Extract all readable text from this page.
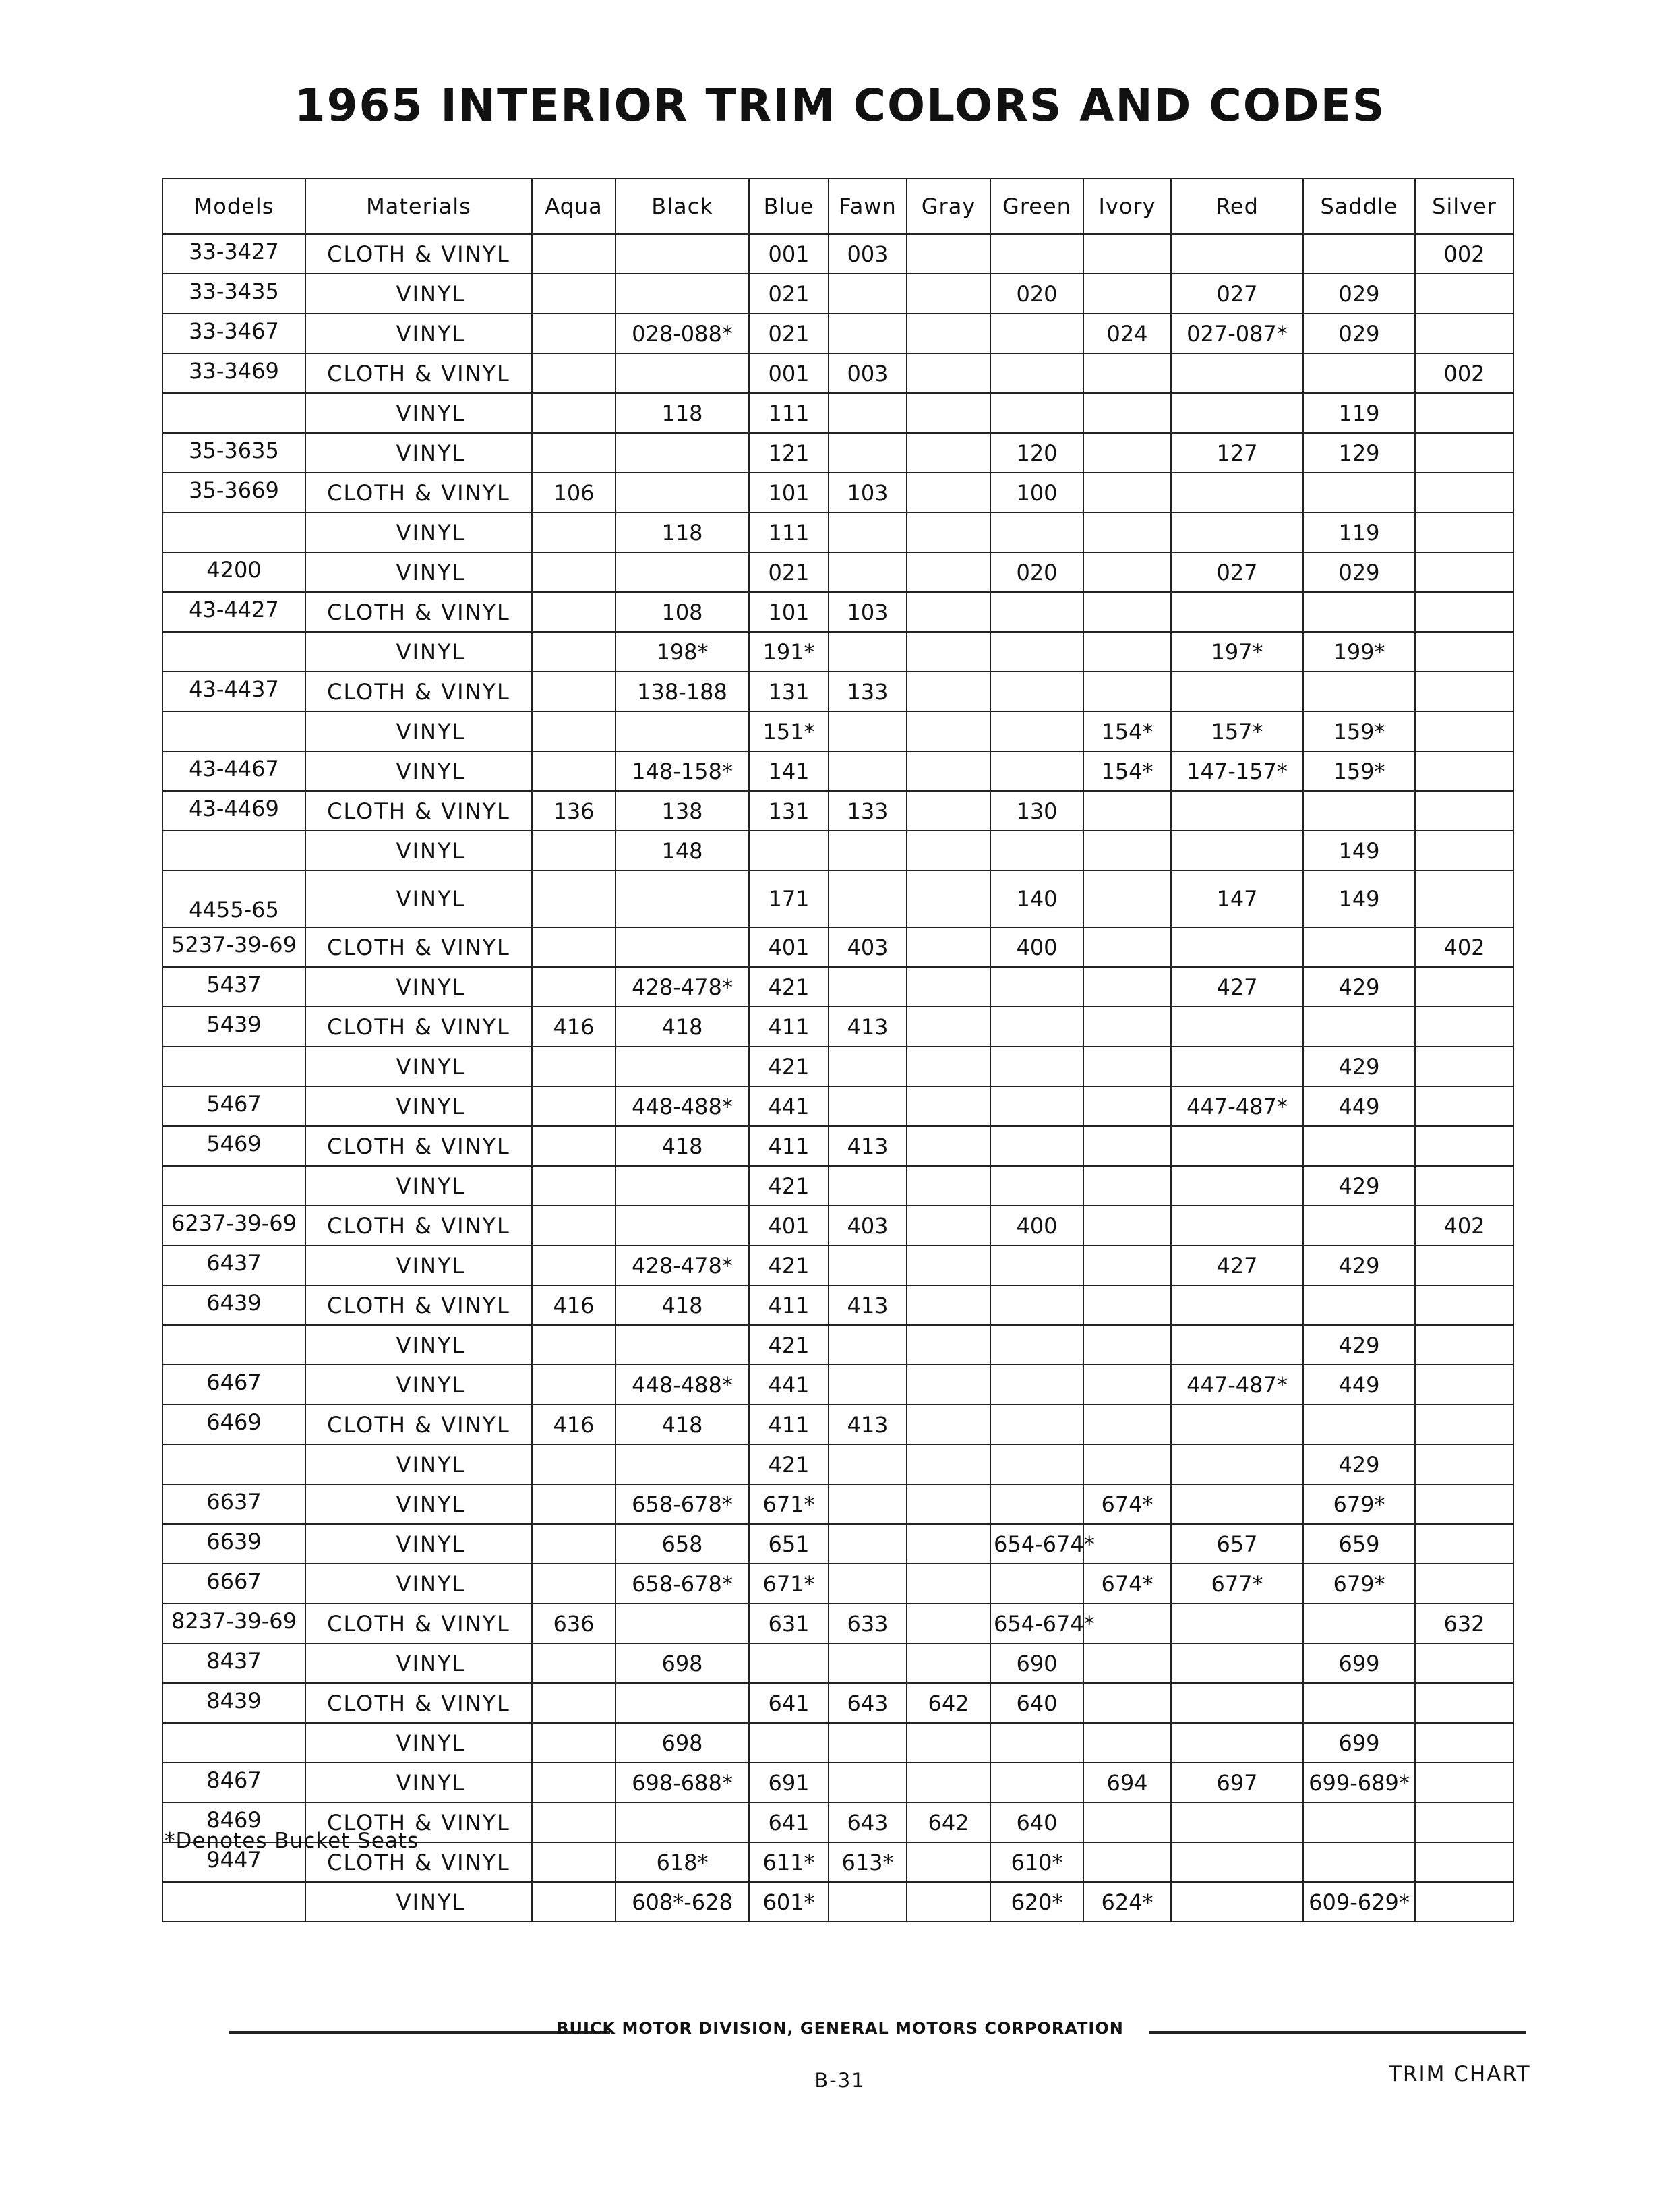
1965 INTERIOR TRIM COLORS AND CODES
Models	Materials	Aqua	Black	Blue	Fawn	Gray	Green	Ivory	Red	Saddle	Silver
33-3427	CLOTH & VINYL			001	003						002
33-3435	VINYL			021			020		027	029	
33-3467	VINYL		028-088*	021				024	027-087*	029	
33-3469	CLOTH & VINYL			001	003						002
	VINYL		118	111						119	
35-3635	VINYL			121			120		127	129	
35-3669	CLOTH & VINYL	106		101	103		100				
	VINYL		118	111						119	
4200	VINYL			021			020		027	029	
43-4427	CLOTH & VINYL		108	101	103						
	VINYL		198*	191*					197*	199*	
43-4437	CLOTH & VINYL		138-188	131	133						
	VINYL			151*				154*	157*	159*	
43-4467	VINYL		148-158*	141				154*	147-157*	159*	
43-4469	CLOTH & VINYL	136	138	131	133		130				
	VINYL		148							149	
4455-65	VINYL			171			140		147	149	
5237-39-69	CLOTH & VINYL			401	403		400				402
5437	VINYL		428-478*	421					427	429	
5439	CLOTH & VINYL	416	418	411	413						
	VINYL			421						429	
5467	VINYL		448-488*	441					447-487*	449	
5469	CLOTH & VINYL		418	411	413						
	VINYL			421						429	
6237-39-69	CLOTH & VINYL			401	403		400				402
6437	VINYL		428-478*	421					427	429	
6439	CLOTH & VINYL	416	418	411	413						
	VINYL			421						429	
6467	VINYL		448-488*	441					447-487*	449	
6469	CLOTH & VINYL	416	418	411	413						
	VINYL			421						429	
6637	VINYL		658-678*	671*				674*		679*	
6639	VINYL		658	651			654-674*		657	659	
6667	VINYL		658-678*	671*				674*	677*	679*	
8237-39-69	CLOTH & VINYL	636		631	633		654-674*				632
8437	VINYL		698				690			699	
8439	CLOTH & VINYL			641	643	642	640				
	VINYL		698							699	
8467	VINYL		698-688*	691				694	697	699-689*	
8469	CLOTH & VINYL			641	643	642	640				
9447	CLOTH & VINYL		618*	611*	613*		610*				
	VINYL		608*-628	601*			620*	624*		609-629*	
*Denotes Bucket Seats
BUICK MOTOR DIVISION, GENERAL MOTORS CORPORATION
B-31	TRIM CHART
